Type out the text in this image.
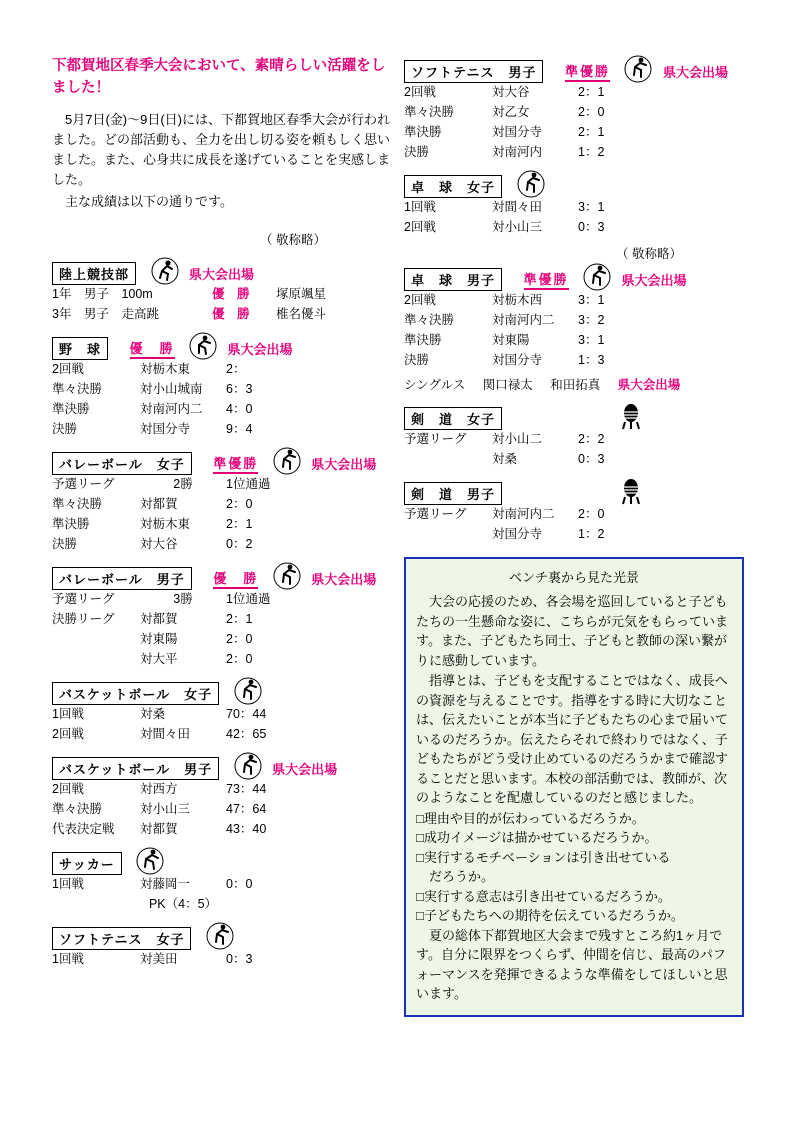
下都賀地区春季大会において、素晴らしい活躍をしました！

5月7日(金)～9日(日)には、下都賀地区春季大会が行われました。どの部活動も、全力を出し切る姿を頼もしく思いました。また、心身共に成長を遂げていることを実感しました。

主な成績は以下の通りです。

（ 敬称略）
陸上競技部	県大会出場
1年　男子　100m	優　勝	塚原颯星
3年　男子　走高跳	優　勝	椎名優斗
野　球 優　勝	県大会出場
2回戦	対栃木東	2：
準々決勝	対小山城南	6：3
準決勝	対南河内二	4：0
決勝	対国分寺	9：4
バレーボール　女子 準優勝	県大会出場
予選リーグ	2勝	1位通過
準々決勝	対都賀	2：0
準決勝	対栃木東	2：1
決勝	対大谷	0：2
バレーボール　男子 優　勝	県大会出場
予選リーグ	3勝	1位通過
決勝リーグ	対都賀	2：1
	対東陽	2：0
	対大平	2：0
バスケットボール　女子
1回戦	対桑	70：44
2回戦	対間々田	42：65
バスケットボール　男子	県大会出場
2回戦	対西方	73：44
準々決勝	対小山三	47：64
代表決定戦	対都賀	43：40
サッカー
1回戦	対藤岡一	0：0
	PK（4：5）	
ソフトテニス　女子
1回戦	対美田	0：3
ソフトテニス　男子 準優勝	県大会出場
2回戦	対大谷	2：1
準々決勝	対乙女	2：0
準決勝	対国分寺	2：1
決勝	対南河内	1：2
卓　球　女子
1回戦	対間々田	3：1
2回戦	対小山三	0：3
（ 敬称略）
卓　球　男子 準優勝	県大会出場
2回戦	対栃木西	3：1
準々決勝	対南河内二	3：2
準決勝	対東陽	3：1
決勝	対国分寺	1：3
シングルス 関口禄太 和田拓真 県大会出場
剣　道　女子
予選リーグ	対小山二	2：2
	対桑	0：3
剣　道　男子
予選リーグ	対南河内二	2：0
	対国分寺	1：2
ベンチ裏から見た光景

大会の応援のため、各会場を巡回していると子どもたちの一生懸命な姿に、こちらが元気をもらっています。また、子どもたち同士、子どもと教師の深い繋がりに感動しています。

指導とは、子どもを支配することではなく、成長への資源を与えることです。指導をする時に大切なことは、伝えたいことが本当に子どもたちの心まで届いているのだろうか。伝えたらそれで終わりではなく、子どもたちがどう受け止めているのだろうかまで確認することだと思います。本校の部活動では、教師が、次のようなことを配慮しているのだと感じました。

□理由や目的が伝わっているだろうか。

□成功イメージは描かせているだろうか。

□実行するモチベーションは引き出せている

だろうか。

□実行する意志は引き出せているだろうか。

□子どもたちへの期待を伝えているだろうか。

夏の総体下都賀地区大会まで残すところ約1ヶ月です。自分に限界をつくらず、仲間を信じ、最高のパフォーマンスを発揮できるような準備をしてほしいと思います。
